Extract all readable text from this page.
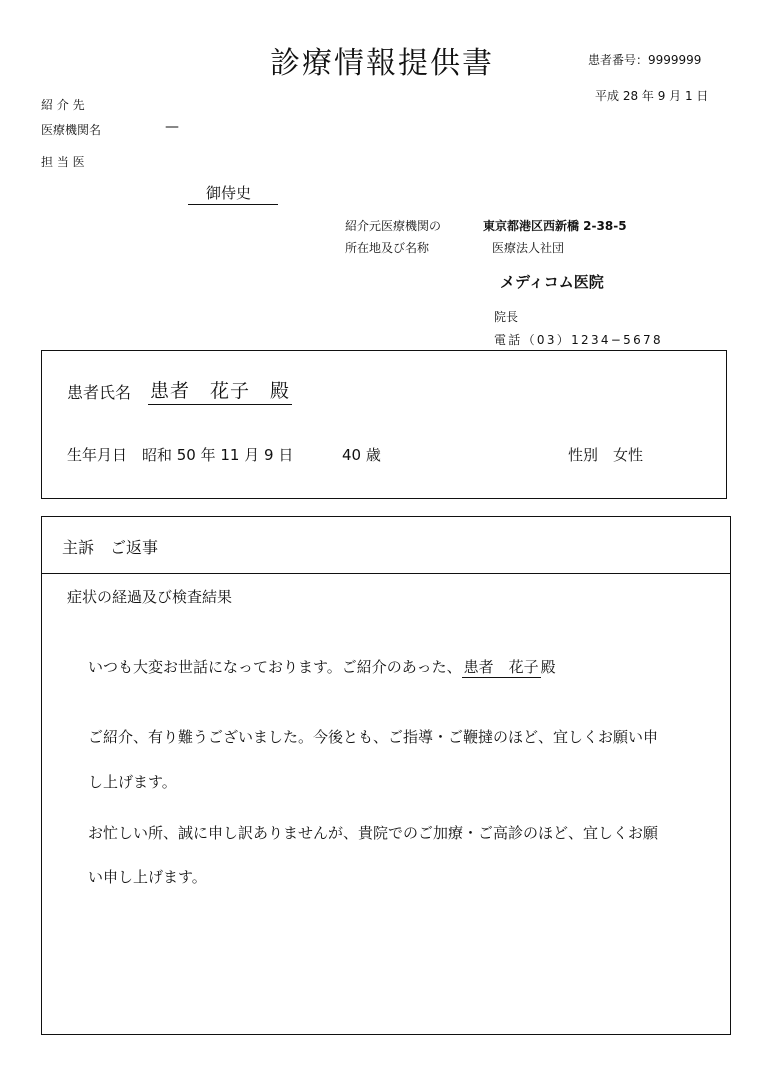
診療情報提供書	患者番号：9999999
平成 28 年 9 月 1 日
紹 介 先
医療機関名	—
担 当 医
御侍史
紹介元医療機関の
所在地及び名称
東京都港区西新橋 2-38-5
医療法人社団
メディコム医院
院長
電話（03）1234−5678
患者氏名 患者　花子　殿
生年月日　昭和 50 年 11 月 9 日	40 歳	性別　女性
主訴　ご返事
症状の経過及び検査結果
いつも大変お世話になっております。ご紹介のあった、 患者　花子 殿
ご紹介、有り難うございました。今後とも、ご指導・ご鞭撻のほど、宜しくお願い申
し上げます。
お忙しい所、誠に申し訳ありませんが、貴院でのご加療・ご高診のほど、宜しくお願
い申し上げます。
